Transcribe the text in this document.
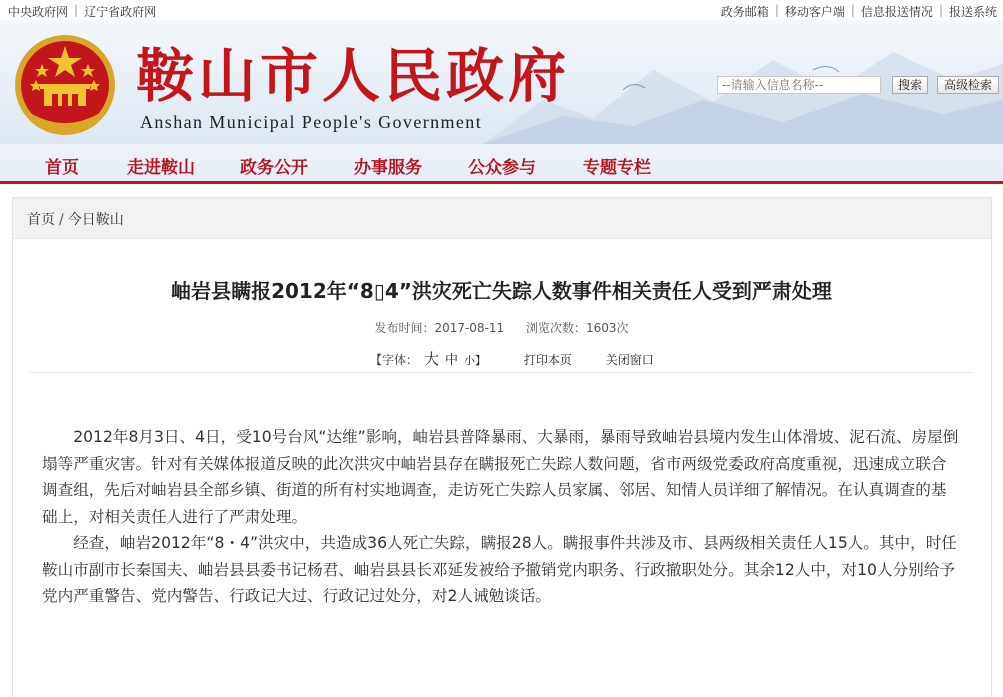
中央政府网 | 辽宁省政府网	政务邮箱 | 移动客户端 | 信息报送情况 | 报送系统
鞍山市人民政府
Anshan Municipal People's Government
--请输入信息名称--
搜索	高级检索
首页	走进鞍山	政务公开	办事服务	公众参与	专题专栏
首页 / 今日鞍山
岫岩县瞒报2012年“8▯4”洪灾死亡失踪人数事件相关责任人受到严肃处理
发布时间：2017-08-11 浏览次数：1603次
【字体： 大 中 小】	打印本页	关闭窗口

2012年8月3日、4日，受10号台风“达维”影响，岫岩县普降暴雨、大暴雨，暴雨导致岫岩县境内发生山体滑坡、泥石流、房屋倒塌等严重灾害。针对有关媒体报道反映的此次洪灾中岫岩县存在瞒报死亡失踪人数问题，省市两级党委政府高度重视，迅速成立联合调查组，先后对岫岩县全部乡镇、街道的所有村实地调查，走访死亡失踪人员家属、邻居、知情人员详细了解情况。在认真调查的基础上，对相关责任人进行了严肃处理。

经查，岫岩2012年“8・4”洪灾中，共造成36人死亡失踪，瞒报28人。瞒报事件共涉及市、县两级相关责任人15人。其中，时任鞍山市副市长秦国夫、岫岩县县委书记杨君、岫岩县县长邓延发被给予撤销党内职务、行政撤职处分。其余12人中，对10人分别给予党内严重警告、党内警告、行政记大过、行政记过处分，对2人诫勉谈话。
